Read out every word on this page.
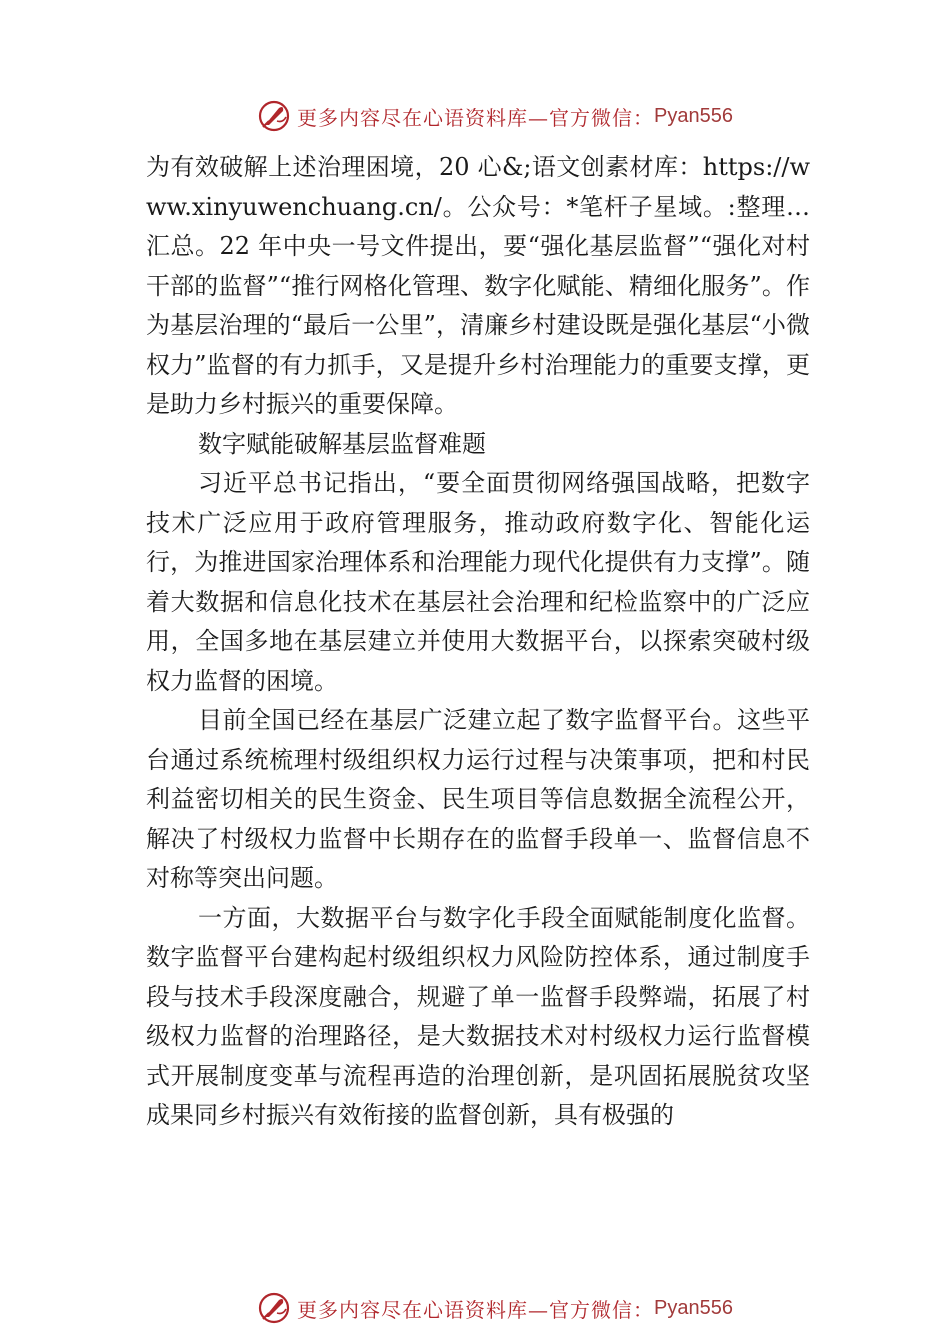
更多内容尽在心语资料库—官方微信： Pyan556

为有效破解上述治理困境，20 心&;语文创素材库：https://www.xinyuwenchuang.cn/。公众号：*笔杆子星域。:整理…汇总。22 年中央一号文件提出，要“强化基层监督”“强化对村干部的监督”“推行网格化管理、数字化赋能、精细化服务”。作为基层治理的“最后一公里”，清廉乡村建设既是强化基层“小微权力”监督的有力抓手，又是提升乡村治理能力的重要支撑，更是助力乡村振兴的重要保障。

数字赋能破解基层监督难题

习近平总书记指出，“要全面贯彻网络强国战略，把数字技术广泛应用于政府管理服务，推动政府数字化、智能化运行，为推进国家治理体系和治理能力现代化提供有力支撑”。随着大数据和信息化技术在基层社会治理和纪检监察中的广泛应用，全国多地在基层建立并使用大数据平台，以探索突破村级权力监督的困境。

目前全国已经在基层广泛建立起了数字监督平台。这些平台通过系统梳理村级组织权力运行过程与决策事项，把和村民利益密切相关的民生资金、民生项目等信息数据全流程公开，解决了村级权力监督中长期存在的监督手段单一、监督信息不对称等突出问题。

一方面，大数据平台与数字化手段全面赋能制度化监督。数字监督平台建构起村级组织权力风险防控体系，通过制度手段与技术手段深度融合，规避了单一监督手段弊端，拓展了村级权力监督的治理路径，是大数据技术对村级权力运行监督模式开展制度变革与流程再造的治理创新，是巩固拓展脱贫攻坚成果同乡村振兴有效衔接的监督创新，具有极强的

更多内容尽在心语资料库—官方微信： Pyan556
